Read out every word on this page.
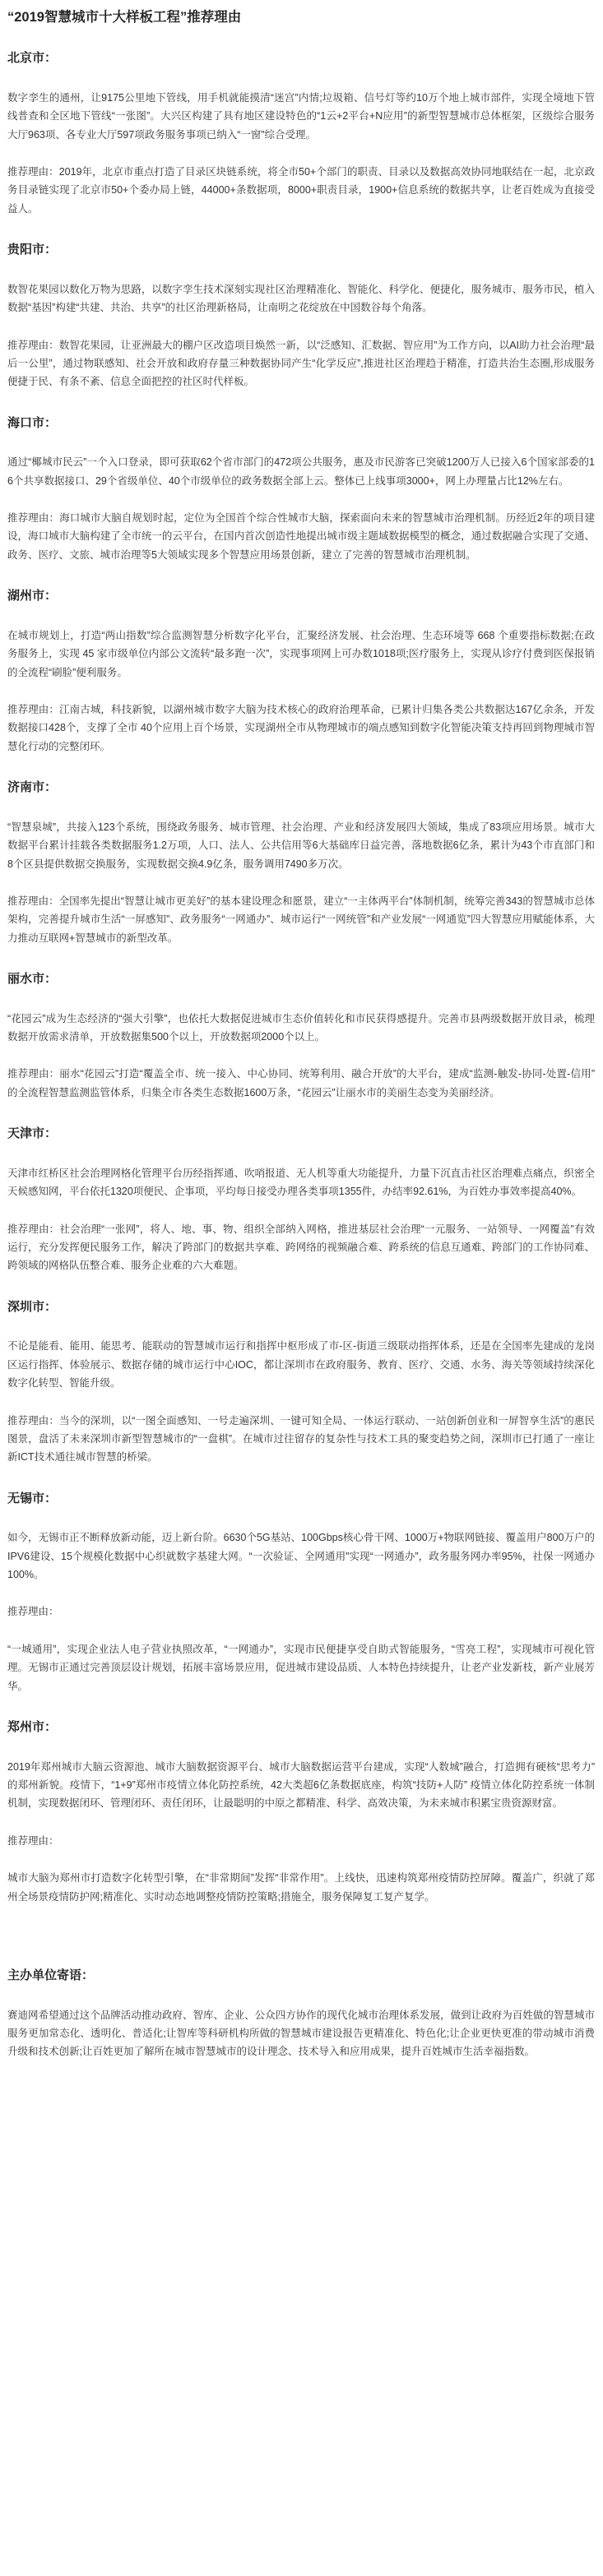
“2019智慧城市十大样板工程”推荐理由
北京市：

数字孪生的通州，让9175公里地下管线，用手机就能摸清“迷宫”内情;垃圾箱、信号灯等约10万个地上城市部件，实现全境地下管线普查和全区地下管线“一张图”。大兴区构建了具有地区建设特色的“1云+2平台+N应用”的新型智慧城市总体框架，区级综合服务大厅963项、各专业大厅597项政务服务事项已纳入“一窗”综合受理。

推荐理由：2019年，北京市重点打造了目录区块链系统，将全市50+个部门的职责、目录以及数据高效协同地联结在一起，北京政务目录链实现了北京市50+个委办局上链，44000+条数据项，8000+职责目录，1900+信息系统的数据共享，让老百姓成为直接受益人。

贵阳市：

数智花果园以数化万物为思路，以数字孪生技术深刻实现社区治理精准化、智能化、科学化、便捷化，服务城市、服务市民，植入数据“基因”构建“共建、共治、共享”的社区治理新格局，让南明之花绽放在中国数谷每个角落。

推荐理由：数智花果园，让亚洲最大的棚户区改造项目焕然一新，以“泛感知、汇数据、智应用”为工作方向，以AI助力社会治理“最后一公里”，通过物联感知、社会开放和政府存量三种数据协同产生“化学反应”,推进社区治理趋于精准，打造共治生态圈,形成服务便捷于民、有条不紊、信息全面把控的社区时代样板。

海口市：

通过“椰城市民云”一个入口登录，即可获取62个省市部门的472项公共服务，惠及市民游客已突破1200万人已接入6个国家部委的16个共享数据接口、29个省级单位、40个市级单位的政务数据全部上云。整体已上线事项3000+，网上办理量占比12%左右。

推荐理由：海口城市大脑自规划时起，定位为全国首个综合性城市大脑，探索面向未来的智慧城市治理机制。历经近2年的项目建设，海口城市大脑构建了全市统一的云平台，在国内首次创造性地提出城市级主题域数据模型的概念，通过数据融合实现了交通、政务、医疗、文旅、城市治理等5大领域实现多个智慧应用场景创新，建立了完善的智慧城市治理机制。

湖州市：

在城市规划上，打造“两山指数”综合监测智慧分析数字化平台，汇聚经济发展、社会治理、生态环境等 668 个重要指标数据;在政务服务上，实现 45 家市级单位内部公文流转“最多跑一次”，实现事项网上可办数1018项;医疗服务上，实现从诊疗付费到医保报销的全流程“刷脸”便利服务。

推荐理由：江南古城，科技新貌，以湖州城市数字大脑为技术核心的政府治理革命，已累计归集各类公共数据达167亿余条，开发数据接口428个，支撑了全市 40个应用上百个场景，实现湖州全市从物理城市的端点感知到数字化智能决策支持再回到物理城市智慧化行动的完整闭环。

济南市：

“智慧泉城”，共接入123个系统，围绕政务服务、城市管理、社会治理、产业和经济发展四大领域，集成了83项应用场景。城市大数据平台累计挂载各类数据服务1.2万项，人口、法人、公共信用等6大基础库日益完善，落地数据6亿条，累计为43个市直部门和8个区县提供数据交换服务，实现数据交换4.9亿条，服务调用7490多万次。

推荐理由：全国率先提出“智慧让城市更美好”的基本建设理念和愿景，建立“一主体两平台”体制机制，统筹完善343的智慧城市总体架构，完善提升城市生活“一屏感知”、政务服务“一网通办”、城市运行“一网统管”和产业发展“一网通览”四大智慧应用赋能体系，大力推动互联网+智慧城市的新型改革。

丽水市：

“花园云”成为生态经济的“强大引擎”，也依托大数据促进城市生态价值转化和市民获得感提升。完善市县两级数据开放目录，梳理数据开放需求清单，开放数据集500个以上，开放数据项2000个以上。

推荐理由：丽水“花园云”打造“覆盖全市、统一接入、中心协同、统筹利用、融合开放”的大平台，建成“监测-触发-协同-处置-信用”的全流程智慧监测监管体系，归集全市各类生态数据1600万条，“花园云”让丽水市的美丽生态变为美丽经济。

天津市：

天津市红桥区社会治理网格化管理平台历经指挥通、吹哨报道、无人机等重大功能提升，力量下沉直击社区治理难点痛点，织密全天候感知网，平台依托1320项便民、企事项，平均每日接受办理各类事项1355件，办结率92.61%，为百姓办事效率提高40%。

推荐理由：社会治理“一张网”，将人、地、事、物、组织全部纳入网格，推进基层社会治理“一元服务、一站领导、一网覆盖”有效运行，充分发挥便民服务工作，解决了跨部门的数据共享难、跨网络的视频融合难、跨系统的信息互通难、跨部门的工作协同难、跨领域的网格队伍整合难、服务企业难的六大难题。

深圳市：

不论是能看、能用、能思考、能联动的智慧城市运行和指挥中枢形成了市-区-街道三级联动指挥体系，还是在全国率先建成的龙岗区运行指挥、体验展示、数据存储的城市运行中心IOC，都让深圳市在政府服务、教育、医疗、交通、水务、海关等领域持续深化数字化转型、智能升级。

推荐理由：当今的深圳，以“一图全面感知、一号走遍深圳、一键可知全局、一体运行联动、一站创新创业和一屏智享生活”的惠民图景，盘活了未来深圳市新型智慧城市的“一盘棋”。在城市过往留存的复杂性与技术工具的聚变趋势之间，深圳市已打通了一座让新ICT技术通往城市智慧的桥梁。

无锡市：

如今，无锡市正不断释放新动能，迈上新台阶。6630个5G基站、100Gbps核心骨干网、1000万+物联网链接、覆盖用户800万户的IPV6建设、15个规模化数据中心织就数字基建大网。“一次验证、全网通用”实现“一网通办”，政务服务网办率95%，社保一网通办100%。

推荐理由：

“一城通用”，实现企业法人电子营业执照改革，“一网通办”，实现市民便捷享受自助式智能服务，“雪亮工程”，实现城市可视化管理。无锡市正通过完善顶层设计规划，拓展丰富场景应用，促进城市建设品质、人本特色持续提升，让老产业发新枝，新产业展芳华。

郑州市：

2019年郑州城市大脑云资源池、城市大脑数据资源平台、城市大脑数据运营平台建成，实现“人数城”融合，打造拥有硬核“思考力”的郑州新貌。疫情下，“1+9”郑州市疫情立体化防控系统，42大类超6亿条数据底座，构筑“技防+人防” 疫情立体化防控系统一体制机制，实现数据闭环、管理闭环、责任闭环，让最聪明的中原之都精准、科学、高效决策，为未来城市积累宝贵资源财富。

推荐理由：

城市大脑为郑州市打造数字化转型引擎，在“非常期间”发挥“非常作用”。上线快，迅速构筑郑州疫情防控屏障。覆盖广，织就了郑州全场景疫情防护网;精准化、实时动态地调整疫情防控策略;措施全，服务保障复工复产复学。

主办单位寄语：

赛迪网希望通过这个品牌活动推动政府、智库、企业、公众四方协作的现代化城市治理体系发展，做到让政府为百姓做的智慧城市服务更加常态化、透明化、普适化;让智库等科研机构所做的智慧城市建设报告更精准化、特色化;让企业更快更准的带动城市消费升级和技术创新;让百姓更加了解所在城市智慧城市的设计理念、技术导入和应用成果，提升百姓城市生活幸福指数。
